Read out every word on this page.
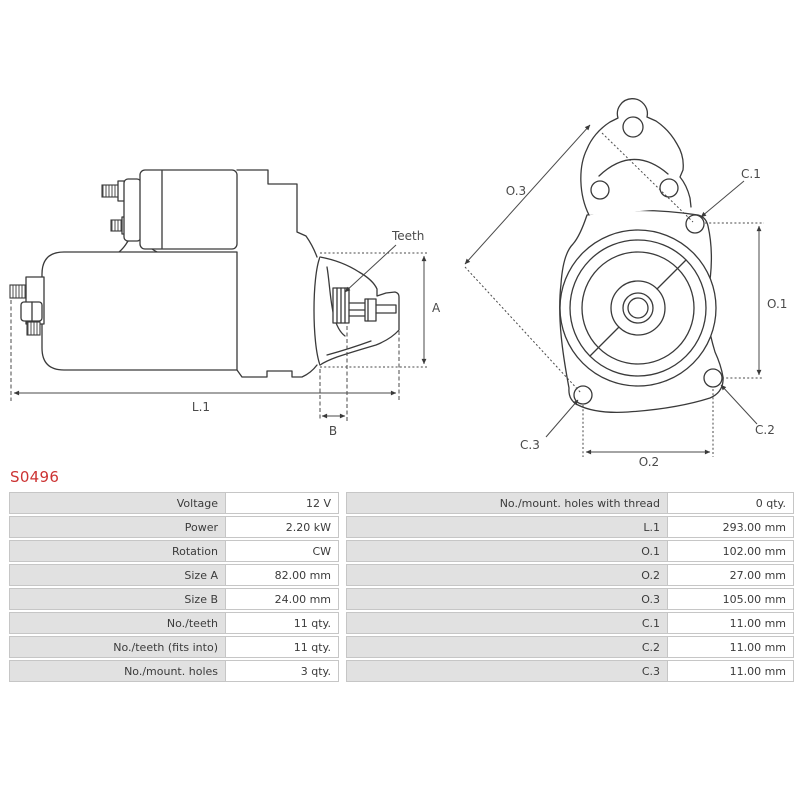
Teeth
A
L.1
B
O.3
C.1
O.1
C.2
C.3
O.2
S0496
Voltage	12 V
Power	2.20 kW
Rotation	CW
Size A	82.00 mm
Size B	24.00 mm
No./teeth	11 qty.
No./teeth (fits into)	11 qty.
No./mount. holes	3 qty.
No./mount. holes with thread	0 qty.
L.1	293.00 mm
O.1	102.00 mm
O.2	27.00 mm
O.3	105.00 mm
C.1	11.00 mm
C.2	11.00 mm
C.3	11.00 mm
